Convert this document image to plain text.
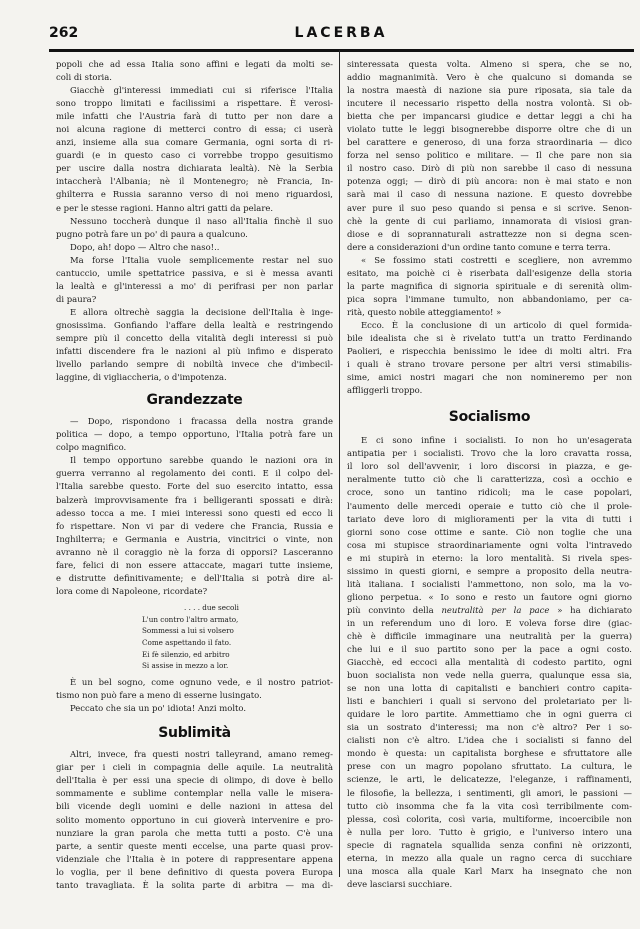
262	LACERBA
popoli che ad essa Italia sono affini e legati da molti se-
coli di storia.
Giacchè gl'interessi immediati cui si riferisce l'Italia
sono troppo limitati e facilissimi a rispettare. È verosi-
mile infatti che l'Austria farà di tutto per non dare a
noi alcuna ragione di metterci contro di essa; ci userà
anzi, insieme alla sua comare Germania, ogni sorta di ri-
guardi (e in questo caso ci vorrebbe troppo gesuitismo
per uscire dalla nostra dichiarata lealtà). Nè la Serbia
intaccherà l'Albania; nè il Montenegro; nè Francia, In-
ghilterra e Russia saranno verso di noi meno riguardosi,
e per le stesse ragioni. Hanno altri gatti da pelare.
Nessuno toccherà dunque il naso all'Italia finchè il suo
pugno potrà fare un po' di paura a qualcuno.
Dopo, ah! dopo — Altro che naso!..
Ma forse l'Italia vuole semplicemente restar nel suo
cantuccio, umile spettatrice passiva, e si è messa avanti
la lealtà e gl'interessi a mo' di perifrasi per non parlar
di paura?
E allora oltrechè saggia la decisione dell'Italia è inge-
gnosissima. Gonfiando l'affare della lealtà e restringendo
sempre più il concetto della vitalità degli interessi si può
infatti discendere fra le nazioni al più infimo e disperato
livello parlando sempre di nobiltà invece che d'imbecil-
laggine, di vigliaccheria, o d'impotenza.
Grandezzate
— Dopo, rispondono i fracassa della nostra grande
politica — dopo, a tempo opportuno, l'Italia potrà fare un
colpo magnifico.
Il tempo opportuno sarebbe quando le nazioni ora in
guerra verranno al regolamento dei conti. E il colpo del-
l'Italia sarebbe questo. Forte del suo esercito intatto, essa
balzerà improvvisamente fra i belligeranti spossati e dirà:
adesso tocca a me. I miei interessi sono questi ed ecco li
fo rispettare. Non vi par di vedere che Francia, Russia e
Inghilterra; e Germania e Austria, vincitrici o vinte, non
avranno nè il coraggio nè la forza di opporsi? Lasceranno
fare, felici di non essere attaccate, magari tutte insieme,
e distrutte definitivamente; e dell'Italia si potrà dire al-
lora come di Napoleone, ricordate?
. . . . due secoli
L'un contro l'altro armato,
Sommessi a lui si volsero
Come aspettando il fato.
Ei fè silenzio, ed arbitro
Si assise in mezzo a lor.
È un bel sogno, come ognuno vede, e il nostro patriot-
tismo non può fare a meno di esserne lusingato.
Peccato che sia un po' idiota! Anzi molto.
Sublimità
Altri, invece, fra questi nostri talleyrand, amano remeg-
giar per i cieli in compagnia delle aquile. La neutralità
dell'Italia è per essi una specie di olimpo, di dove è bello
sommamente e sublime contemplar nella valle le misera-
bili vicende degli uomini e delle nazioni in attesa del
solito momento opportuno in cui gioverà intervenire e pro-
nunziare la gran parola che metta tutti a posto. C'è una
parte, a sentir queste menti eccelse, una parte quasi prov-
videnziale che l'Italia è in potere di rappresentare appena
lo voglia, per il bene definitivo di questa povera Europa
tanto travagliata. È la solita parte di arbitra — ma di-
sinteressata questa volta. Almeno si spera, che se no,
addio magnanimità. Vero è che qualcuno si domanda se
la nostra maestà di nazione sia pure riposata, sia tale da
incutere il necessario rispetto della nostra volontà. Si ob-
bietta che per impancarsi giudice e dettar leggi a chi ha
violato tutte le leggi bisognerebbe disporre oltre che di un
bel carattere e generoso, di una forza straordinaria — dico
forza nel senso politico e militare. — Il che pare non sia
il nostro caso. Dirò di più non sarebbe il caso di nessuna
potenza oggi; — dirò di più ancora: non è mai stato e non
sarà mai il caso di nessuna nazione. E questo dovrebbe
aver pure il suo peso quando si pensa e si scrive. Senon-
chè la gente di cui parliamo, innamorata di visiosi gran-
diose e di soprannaturali astrattezze non si degna scen-
dere a considerazioni d'un ordine tanto comune e terra terra.
« Se fossimo stati costretti e scegliere, non avremmo
esitato, ma poichè ci è riserbata dall'esigenze della storia
la parte magnifica di signoria spirituale e di serenità olim-
pica sopra l'immane tumulto, non abbandoniamo, per ca-
rità, questo nobile atteggiamento! »
Ecco. È la conclusione di un articolo di quel formida-
bile idealista che si è rivelato tutt'a un tratto Ferdinando
Paolieri, e rispecchia benissimo le idee di molti altri. Fra
i quali è strano trovare persone per altri versi stimabilis-
sime, amici nostri magari che non nomineremo per non
affliggerli troppo.
Socialismo
E ci sono infine i socialisti. Io non ho un'esagerata
antipatia per i socialisti. Trovo che la loro cravatta rossa,
il loro sol dell'avvenir, i loro discorsi in piazza, e ge-
neralmente tutto ciò che li caratterizza, così a occhio e
croce, sono un tantino ridicoli; ma le case popolari,
l'aumento delle mercedi operaie e tutto ciò che il prole-
tariato deve loro di miglioramenti per la vita di tutti i
giorni sono cose ottime e sante. Ciò non toglie che una
cosa mi stupisce straordinariamente ogni volta l'intravedo
e mi stupirà in eterno: la loro mentalità. Si rivela spes-
sissimo in questi giorni, e sempre a proposito della neutra-
lità italiana. I socialisti l'ammettono, non solo, ma la vo-
gliono perpetua. « Io sono e resto un fautore ogni giorno
più convinto della neutralità per la pace » ha dichiarato
in un referendum uno di loro. E voleva forse dire (giac-
chè è difficile immaginare una neutralità per la guerra)
che lui e il suo partito sono per la pace a ogni costo.
Giacchè, ed eccoci alla mentalità di codesto partito, ogni
buon socialista non vede nella guerra, qualunque essa sia,
se non una lotta di capitalisti e banchieri contro capita-
listi e banchieri i quali si servono del proletariato per li-
quidare le loro partite. Ammettiamo che in ogni guerra ci
sia un sostrato d'interessi; ma non c'è altro? Per i so-
cialisti non c'è altro. L'idea che i socialisti si fanno del
mondo è questa: un capitalista borghese e sfruttatore alle
prese con un magro popolano sfruttato. La cultura, le
scienze, le arti, le delicatezze, l'eleganze, i raffinamenti,
le filosofie, la bellezza, i sentimenti, gli amori, le passioni —
tutto ciò insomma che fa la vita così terribilmente com-
plessa, così colorita, così varia, multiforme, incoercibile non
è nulla per loro. Tutto è grigio, e l'universo intero una
specie di ragnatela squallida senza confini nè orizzonti,
eterna, in mezzo alla quale un ragno cerca di succhiare
una mosca alla quale Karl Marx ha insegnato che non
deve lasciarsi succhiare.
